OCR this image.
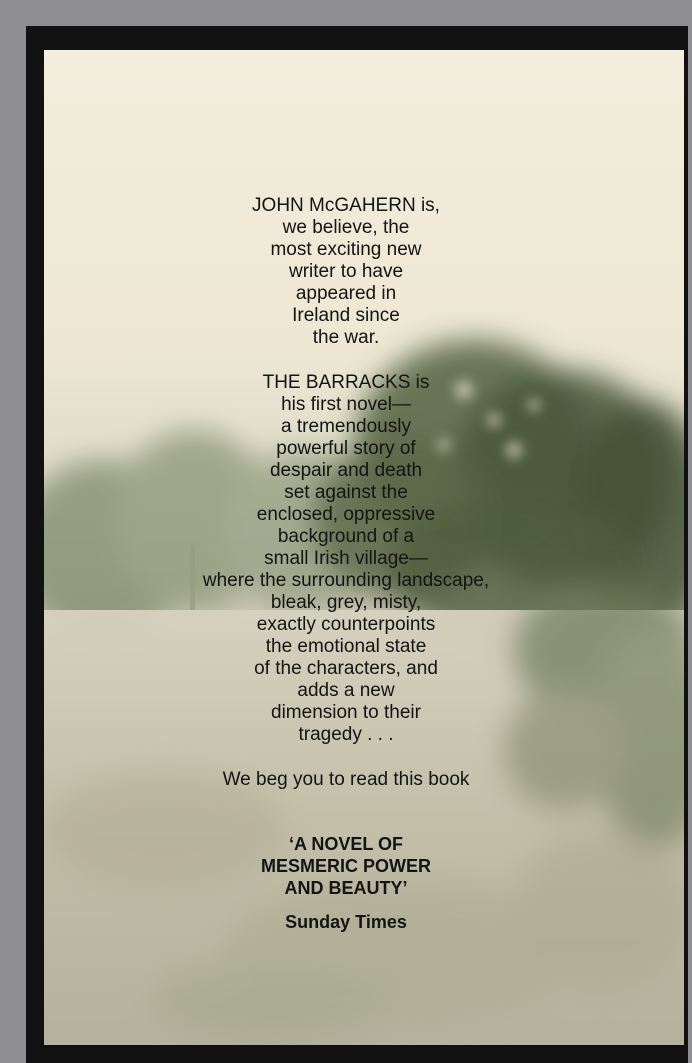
JOHN McGAHERN is,
we believe, the
most exciting new
writer to have
appeared in
Ireland since
the war.
THE BARRACKS is
his first novel—
a tremendously
powerful story of
despair and death
set against the
enclosed, oppressive
background of a
small Irish village—
where the surrounding landscape,
bleak, grey, misty,
exactly counterpoints
the emotional state
of the characters, and
adds a new
dimension to their
tragedy . . .
We beg you to read this book
‘A NOVEL OF
MESMERIC POWER
AND BEAUTY’
Sunday Times
